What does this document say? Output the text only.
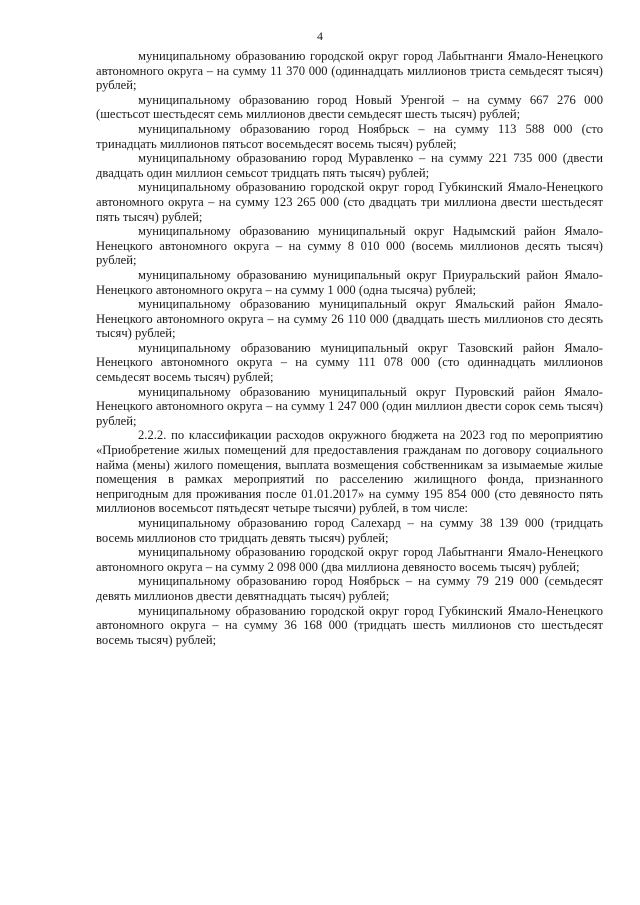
4

муниципальному образованию городской округ город Лабытнанги Ямало-Ненецкого автономного округа – на сумму 11 370 000 (одиннадцать миллионов триста семьдесят тысяч) рублей;

муниципальному образованию город Новый Уренгой – на сумму 667 276 000 (шестьсот шестьдесят семь миллионов двести семьдесят шесть тысяч) рублей;

муниципальному образованию город Ноябрьск – на сумму 113 588 000 (сто тринадцать миллионов пятьсот восемьдесят восемь тысяч) рублей;

муниципальному образованию город Муравленко – на сумму 221 735 000 (двести двадцать один миллион семьсот тридцать пять тысяч) рублей;

муниципальному образованию городской округ город Губкинский Ямало-Ненецкого автономного округа – на сумму 123 265 000 (сто двадцать три миллиона двести шестьдесят пять тысяч) рублей;

муниципальному образованию муниципальный округ Надымский район Ямало-Ненецкого автономного округа – на сумму 8 010 000 (восемь миллионов десять тысяч) рублей;

муниципальному образованию муниципальный округ Приуральский район Ямало-Ненецкого автономного округа – на сумму 1 000 (одна тысяча) рублей;

муниципальному образованию муниципальный округ Ямальский район Ямало-Ненецкого автономного округа – на сумму 26 110 000 (двадцать шесть миллионов сто десять тысяч) рублей;

муниципальному образованию муниципальный округ Тазовский район Ямало-Ненецкого автономного округа – на сумму 111 078 000 (сто одиннадцать миллионов семьдесят восемь тысяч) рублей;

муниципальному образованию муниципальный округ Пуровский район Ямало-Ненецкого автономного округа – на сумму 1 247 000 (один миллион двести сорок семь тысяч) рублей;

2.2.2. по классификации расходов окружного бюджета на 2023 год по мероприятию «Приобретение жилых помещений для предоставления гражданам по договору социального найма (мены) жилого помещения, выплата возмещения собственникам за изымаемые жилые помещения в рамках мероприятий по расселению жилищного фонда, признанного непригодным для проживания после 01.01.2017» на сумму 195 854 000 (сто девяносто пять миллионов восемьсот пятьдесят четыре тысячи) рублей, в том числе:

муниципальному образованию город Салехард – на сумму 38 139 000 (тридцать восемь миллионов сто тридцать девять тысяч) рублей;

муниципальному образованию городской округ город Лабытнанги Ямало-Ненецкого автономного округа – на сумму 2 098 000 (два миллиона девяносто восемь тысяч) рублей;

муниципальному образованию город Ноябрьск – на сумму 79 219 000 (семьдесят девять миллионов двести девятнадцать тысяч) рублей;

муниципальному образованию городской округ город Губкинский Ямало-Ненецкого автономного округа – на сумму 36 168 000 (тридцать шесть миллионов сто шестьдесят восемь тысяч) рублей;
